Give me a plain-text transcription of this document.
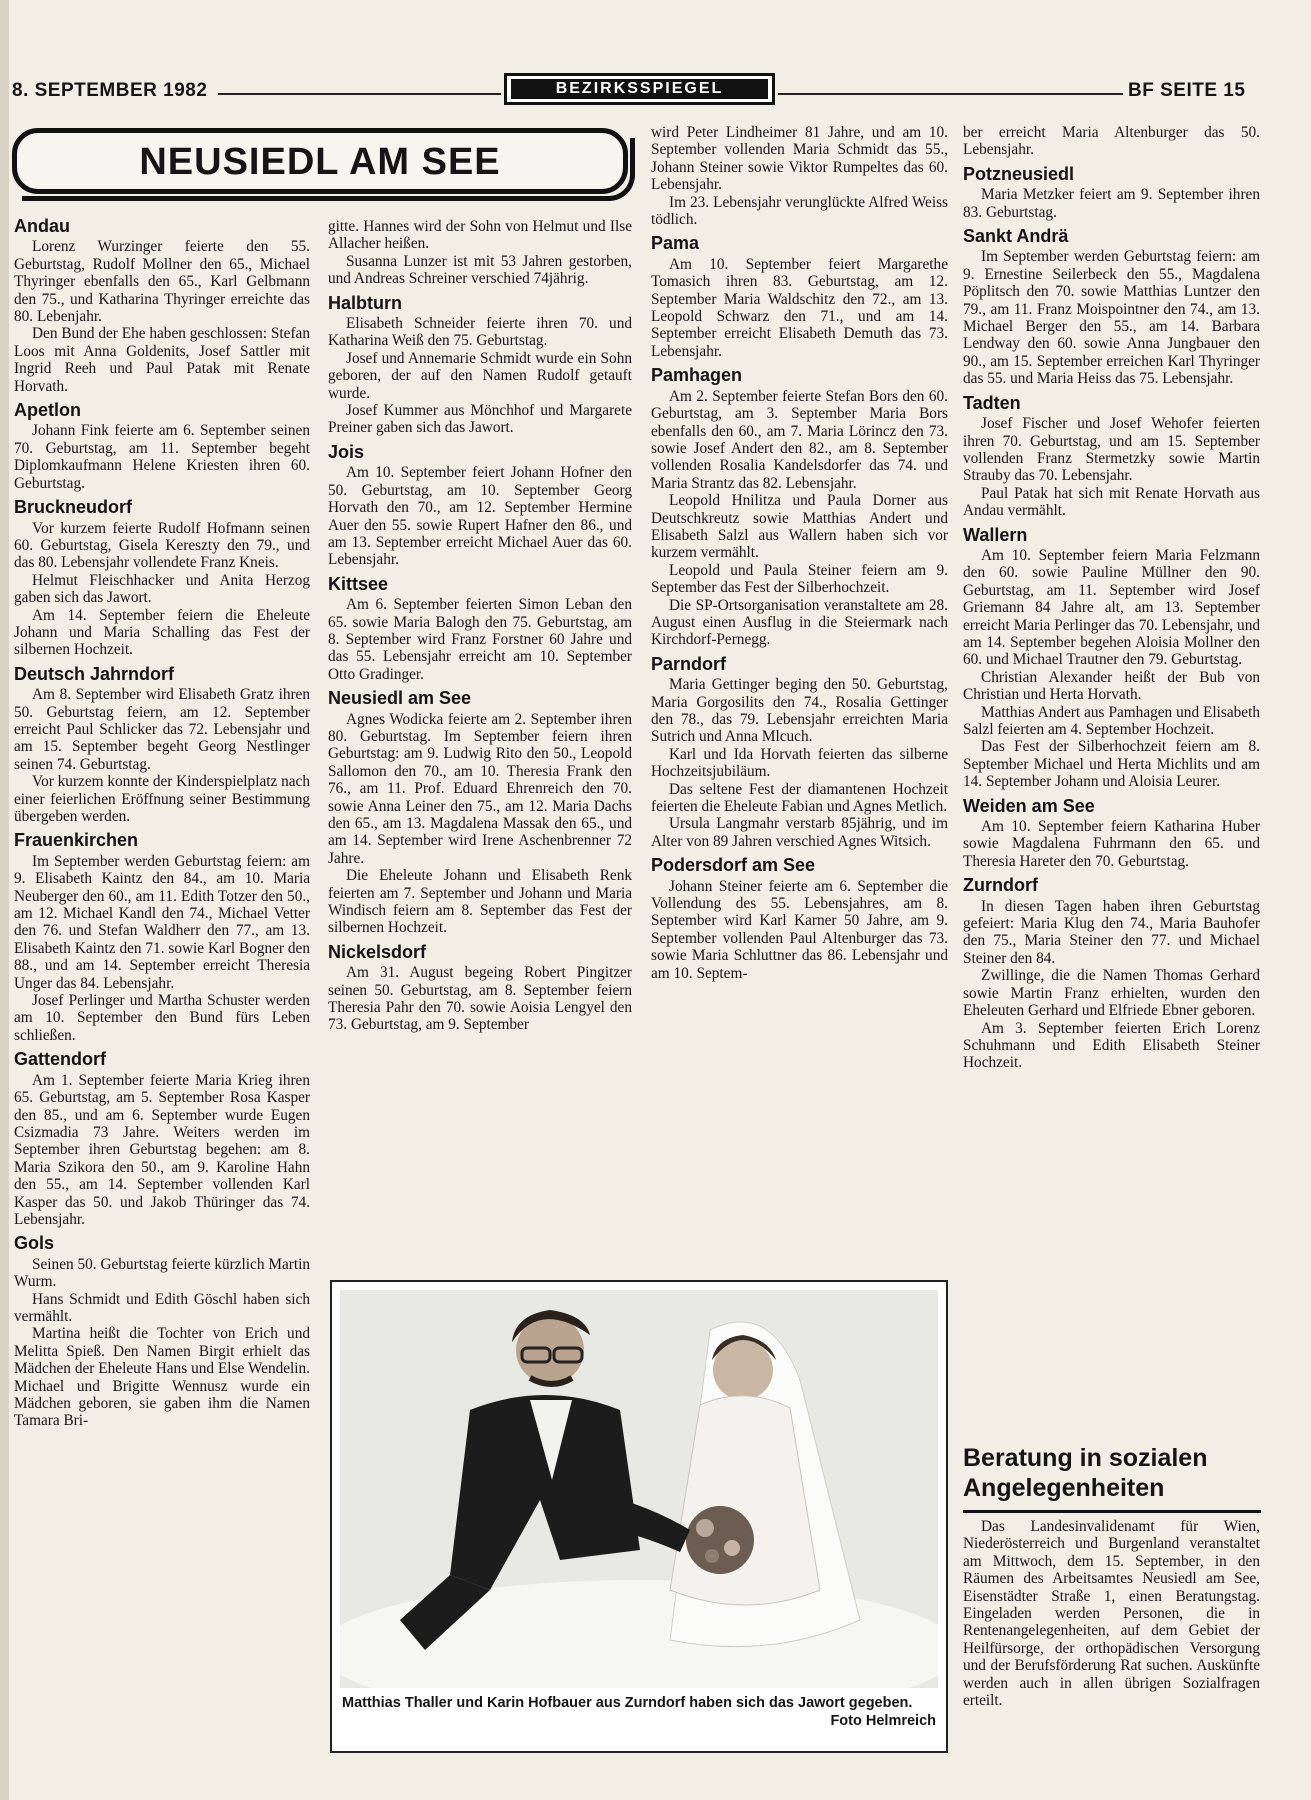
8. SEPTEMBER 1982	BEZIRKSSPIEGEL	BF SEITE 15
NEUSIEDL AM SEE
Andau

Lorenz Wurzinger feierte den 55. Geburtstag, Rudolf Mollner den 65., Michael Thyringer ebenfalls den 65., Karl Gelbmann den 75., und Katharina Thyringer erreichte das 80. Lebenjahr.

Den Bund der Ehe haben geschlossen: Stefan Loos mit Anna Goldenits, Josef Sattler mit Ingrid Reeh und Paul Patak mit Renate Horvath.

Apetlon

Johann Fink feierte am 6. September seinen 70. Geburtstag, am 11. September begeht Diplomkaufmann Helene Kriesten ihren 60. Geburtstag.

Bruckneudorf

Vor kurzem feierte Rudolf Hofmann seinen 60. Geburtstag, Gisela Kereszty den 79., und das 80. Lebensjahr vollendete Franz Kneis.

Helmut Fleischhacker und Anita Herzog gaben sich das Jawort.

Am 14. September feiern die Eheleute Johann und Maria Schalling das Fest der silbernen Hochzeit.

Deutsch Jahrndorf

Am 8. September wird Elisabeth Gratz ihren 50. Geburtstag feiern, am 12. September erreicht Paul Schlicker das 72. Lebensjahr und am 15. September begeht Georg Nestlinger seinen 74. Geburtstag.

Vor kurzem konnte der Kinderspielplatz nach einer feierlichen Eröffnung seiner Bestimmung übergeben werden.

Frauenkirchen

Im September werden Geburtstag feiern: am 9. Elisabeth Kaintz den 84., am 10. Maria Neuberger den 60., am 11. Edith Totzer den 50., am 12. Michael Kandl den 74., Michael Vetter den 76. und Stefan Waldherr den 77., am 13. Elisabeth Kaintz den 71. sowie Karl Bogner den 88., und am 14. September erreicht Theresia Unger das 84. Lebensjahr.

Josef Perlinger und Martha Schuster werden am 10. September den Bund fürs Leben schließen.

Gattendorf

Am 1. September feierte Maria Krieg ihren 65. Geburtstag, am 5. September Rosa Kasper den 85., und am 6. September wurde Eugen Csizmadia 73 Jahre. Weiters werden im September ihren Geburtstag begehen: am 8. Maria Szikora den 50., am 9. Karoline Hahn den 55., am 14. September vollenden Karl Kasper das 50. und Jakob Thüringer das 74. Lebensjahr.

Gols

Seinen 50. Geburtstag feierte kürzlich Martin Wurm.

Hans Schmidt und Edith Göschl haben sich vermählt.

Martina heißt die Tochter von Erich und Melitta Spieß. Den Namen Birgit erhielt das Mädchen der Eheleute Hans und Else Wendelin. Michael und Brigitte Wennusz wurde ein Mädchen geboren, sie gaben ihm die Namen Tamara Bri-

gitte. Hannes wird der Sohn von Helmut und Ilse Allacher heißen.

Susanna Lunzer ist mit 53 Jahren gestorben, und Andreas Schreiner verschied 74jährig.

Halbturn

Elisabeth Schneider feierte ihren 70. und Katharina Weiß den 75. Geburtstag.

Josef und Annemarie Schmidt wurde ein Sohn geboren, der auf den Namen Rudolf getauft wurde.

Josef Kummer aus Mönchhof und Margarete Preiner gaben sich das Jawort.

Jois

Am 10. September feiert Johann Hofner den 50. Geburtstag, am 10. September Georg Horvath den 70., am 12. September Hermine Auer den 55. sowie Rupert Hafner den 86., und am 13. September erreicht Michael Auer das 60. Lebensjahr.

Kittsee

Am 6. September feierten Simon Leban den 65. sowie Maria Balogh den 75. Geburtstag, am 8. September wird Franz Forstner 60 Jahre und das 55. Lebensjahr erreicht am 10. September Otto Gradinger.

Neusiedl am See

Agnes Wodicka feierte am 2. September ihren 80. Geburtstag. Im September feiern ihren Geburtstag: am 9. Ludwig Rito den 50., Leopold Sallomon den 70., am 10. Theresia Frank den 76., am 11. Prof. Eduard Ehrenreich den 70. sowie Anna Leiner den 75., am 12. Maria Dachs den 65., am 13. Magdalena Massak den 65., und am 14. September wird Irene Aschenbrenner 72 Jahre.

Die Eheleute Johann und Elisabeth Renk feierten am 7. September und Johann und Maria Windisch feiern am 8. September das Fest der silbernen Hochzeit.

Nickelsdorf

Am 31. August begeing Robert Pingitzer seinen 50. Geburtstag, am 8. September feiern Theresia Pahr den 70. sowie Aoisia Lengyel den 73. Geburtstag, am 9. September

wird Peter Lindheimer 81 Jahre, und am 10. September vollenden Maria Schmidt das 55., Johann Steiner sowie Viktor Rumpeltes das 60. Lebensjahr.

Im 23. Lebensjahr verunglückte Alfred Weiss tödlich.

Pama

Am 10. September feiert Margarethe Tomasich ihren 83. Geburtstag, am 12. September Maria Waldschitz den 72., am 13. Leopold Schwarz den 71., und am 14. September erreicht Elisabeth Demuth das 73. Lebensjahr.

Pamhagen

Am 2. September feierte Stefan Bors den 60. Geburtstag, am 3. September Maria Bors ebenfalls den 60., am 7. Maria Lörincz den 73. sowie Josef Andert den 82., am 8. September vollenden Rosalia Kandelsdorfer das 74. und Maria Strantz das 82. Lebensjahr.

Leopold Hnilitza und Paula Dorner aus Deutschkreutz sowie Matthias Andert und Elisabeth Salzl aus Wallern haben sich vor kurzem vermählt.

Leopold und Paula Steiner feiern am 9. September das Fest der Silberhochzeit.

Die SP-Ortsorganisation veranstaltete am 28. August einen Ausflug in die Steiermark nach Kirchdorf-Pernegg.

Parndorf

Maria Gettinger beging den 50. Geburtstag, Maria Gorgosilits den 74., Rosalia Gettinger den 78., das 79. Lebensjahr erreichten Maria Sutrich und Anna Mlcuch.

Karl und Ida Horvath feierten das silberne Hochzeitsjubiläum.

Das seltene Fest der diamantenen Hochzeit feierten die Eheleute Fabian und Agnes Metlich.

Ursula Langmahr verstarb 85jährig, und im Alter von 89 Jahren verschied Agnes Witsich.

Podersdorf am See

Johann Steiner feierte am 6. September die Vollendung des 55. Lebensjahres, am 8. September wird Karl Karner 50 Jahre, am 9. September vollenden Paul Altenburger das 73. sowie Maria Schluttner das 86. Lebensjahr und am 10. Septem-

ber erreicht Maria Altenburger das 50. Lebensjahr.

Potzneusiedl

Maria Metzker feiert am 9. September ihren 83. Geburtstag.

Sankt Andrä

Im September werden Geburtstag feiern: am 9. Ernestine Seilerbeck den 55., Magdalena Pöplitsch den 70. sowie Matthias Luntzer den 79., am 11. Franz Moispointner den 74., am 13. Michael Berger den 55., am 14. Barbara Lendway den 60. sowie Anna Jungbauer den 90., am 15. September erreichen Karl Thyringer das 55. und Maria Heiss das 75. Lebensjahr.

Tadten

Josef Fischer und Josef Wehofer feierten ihren 70. Geburtstag, und am 15. September vollenden Franz Stermetzky sowie Martin Strauby das 70. Lebensjahr.

Paul Patak hat sich mit Renate Horvath aus Andau vermählt.

Wallern

Am 10. September feiern Maria Felzmann den 60. sowie Pauline Müllner den 90. Geburtstag, am 11. September wird Josef Griemann 84 Jahre alt, am 13. September erreicht Maria Perlinger das 70. Lebensjahr, und am 14. September begehen Aloisia Mollner den 60. und Michael Trautner den 79. Geburtstag.

Christian Alexander heißt der Bub von Christian und Herta Horvath.

Matthias Andert aus Pamhagen und Elisabeth Salzl feierten am 4. September Hochzeit.

Das Fest der Silberhochzeit feiern am 8. September Michael und Herta Michlits und am 14. September Johann und Aloisia Leurer.

Weiden am See

Am 10. September feiern Katharina Huber sowie Magdalena Fuhrmann den 65. und Theresia Hareter den 70. Geburtstag.

Zurndorf

In diesen Tagen haben ihren Geburtstag gefeiert: Maria Klug den 74., Maria Bauhofer den 75., Maria Steiner den 77. und Michael Steiner den 84.

Zwillinge, die die Namen Thomas Gerhard sowie Martin Franz erhielten, wurden den Eheleuten Gerhard und Elfriede Ebner geboren.

Am 3. September feierten Erich Lorenz Schuhmann und Edith Elisabeth Steiner Hochzeit.

Matthias Thaller und Karin Hofbauer aus Zurndorf haben sich das Jawort gegeben.
Foto Helmreich
Beratung in sozialen
Angelegenheiten

Das Landesinvalidenamt für Wien, Niederösterreich und Burgenland veranstaltet am Mittwoch, dem 15. September, in den Räumen des Arbeitsamtes Neusiedl am See, Eisenstädter Straße 1, einen Beratungstag. Eingeladen werden Personen, die in Rentenangelegenheiten, auf dem Gebiet der Heilfürsorge, der orthopädischen Versorgung und der Berufsförderung Rat suchen. Auskünfte werden auch in allen übrigen Sozialfragen erteilt.
